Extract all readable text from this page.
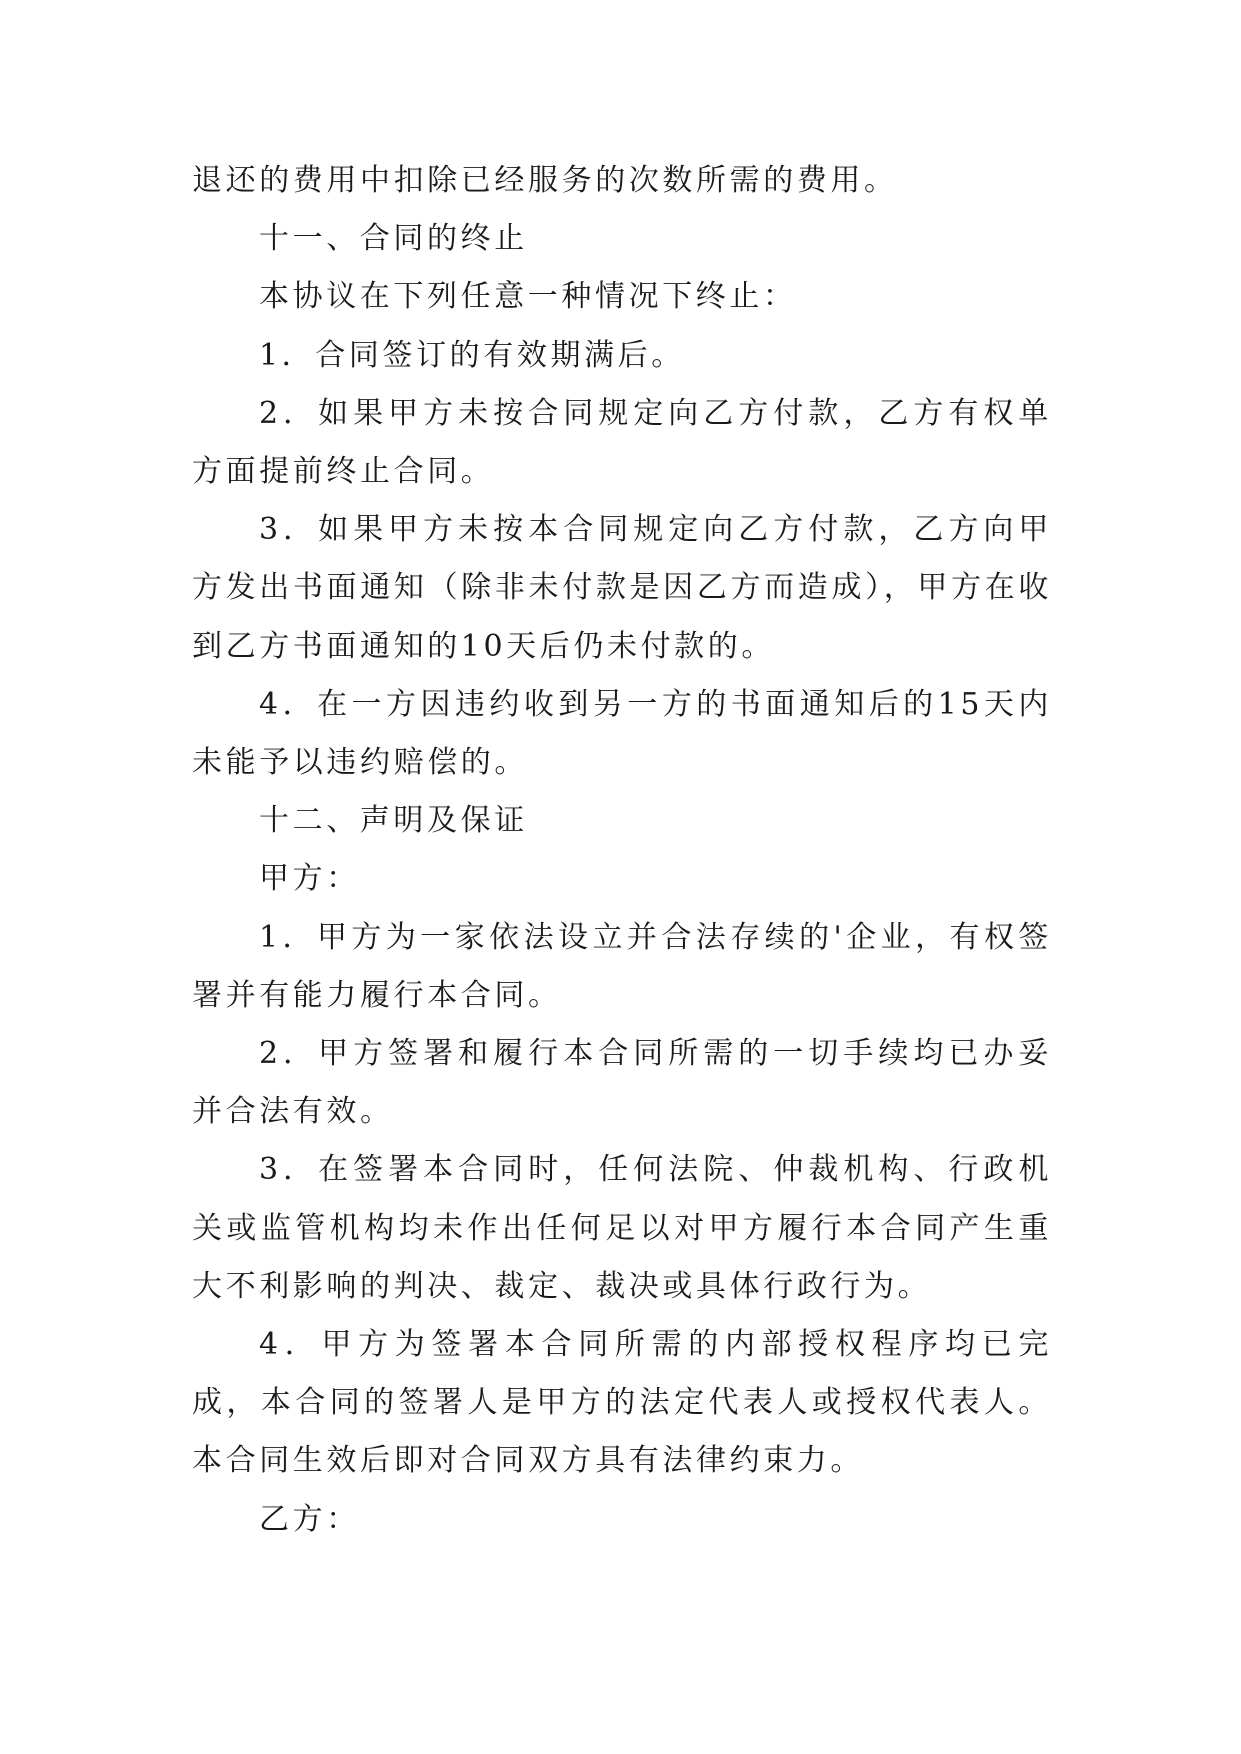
退还的费用中扣除已经服务的次数所需的费用。

十一、合同的终止

本协议在下列任意一种情况下终止：

1．合同签订的有效期满后。

2．如果甲方未按合同规定向乙方付款，乙方有权单方面提前终止合同。

3．如果甲方未按本合同规定向乙方付款，乙方向甲方发出书面通知（除非未付款是因乙方而造成），甲方在收到乙方书面通知的10天后仍未付款的。

4．在一方因违约收到另一方的书面通知后的15天内未能予以违约赔偿的。

十二、声明及保证

甲方：

1．甲方为一家依法设立并合法存续的'企业，有权签署并有能力履行本合同。

2．甲方签署和履行本合同所需的一切手续均已办妥并合法有效。

3．在签署本合同时，任何法院、仲裁机构、行政机关或监管机构均未作出任何足以对甲方履行本合同产生重大不利影响的判决、裁定、裁决或具体行政行为。

4．甲方为签署本合同所需的内部授权程序均已完成，本合同的签署人是甲方的法定代表人或授权代表人。本合同生效后即对合同双方具有法律约束力。

乙方：
